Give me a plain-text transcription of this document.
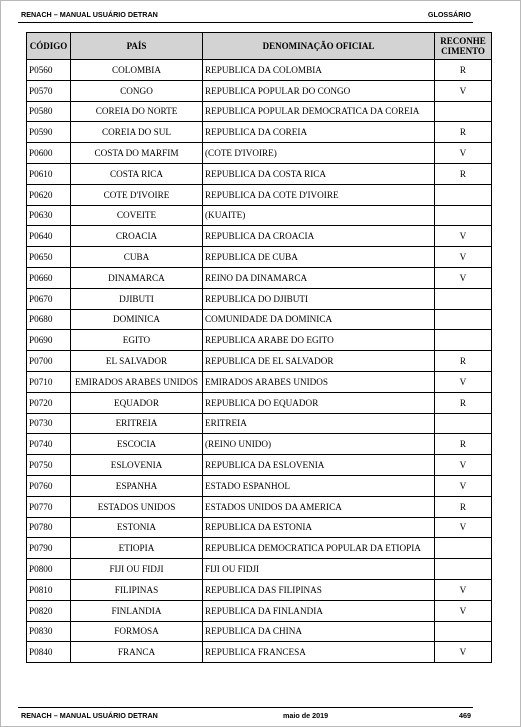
RENACH – MANUAL USUÁRIO DETRAN	GLOSSÁRIO
CÓDIGO	PAÍS	DENOMINAÇÃO OFICIAL	RECONHE CIMENTO
P0560	COLOMBIA	REPUBLICA DA COLOMBIA	R
P0570	CONGO	REPUBLICA POPULAR DO CONGO	V
P0580	COREIA DO NORTE	REPUBLICA POPULAR DEMOCRATICA DA COREIA	
P0590	COREIA DO SUL	REPUBLICA DA COREIA	R
P0600	COSTA DO MARFIM	(COTE D'IVOIRE)	V
P0610	COSTA RICA	REPUBLICA DA COSTA RICA	R
P0620	COTE D'IVOIRE	REPUBLICA DA COTE D'IVOIRE	
P0630	COVEITE	(KUAITE)	
P0640	CROACIA	REPUBLICA DA CROACIA	V
P0650	CUBA	REPUBLICA DE CUBA	V
P0660	DINAMARCA	REINO DA DINAMARCA	V
P0670	DJIBUTI	REPUBLICA DO DJIBUTI	
P0680	DOMINICA	COMUNIDADE DA DOMINICA	
P0690	EGITO	REPUBLICA ARABE DO EGITO	
P0700	EL SALVADOR	REPUBLICA DE EL SALVADOR	R
P0710	EMIRADOS ARABES UNIDOS	EMIRADOS ARABES UNIDOS	V
P0720	EQUADOR	REPUBLICA DO EQUADOR	R
P0730	ERITREIA	ERITREIA	
P0740	ESCOCIA	(REINO UNIDO)	R
P0750	ESLOVENIA	REPUBLICA DA ESLOVENIA	V
P0760	ESPANHA	ESTADO ESPANHOL	V
P0770	ESTADOS UNIDOS	ESTADOS UNIDOS DA AMERICA	R
P0780	ESTONIA	REPUBLICA DA ESTONIA	V
P0790	ETIOPIA	REPUBLICA DEMOCRATICA POPULAR DA ETIOPIA	
P0800	FIJI OU FIDJI	FIJI OU FIDJI	
P0810	FILIPINAS	REPUBLICA DAS FILIPINAS	V
P0820	FINLANDIA	REPUBLICA DA FINLANDIA	V
P0830	FORMOSA	REPUBLICA DA CHINA	
P0840	FRANCA	REPUBLICA FRANCESA	V
RENACH – MANUAL USUÁRIO DETRAN	maio de 2019	469
